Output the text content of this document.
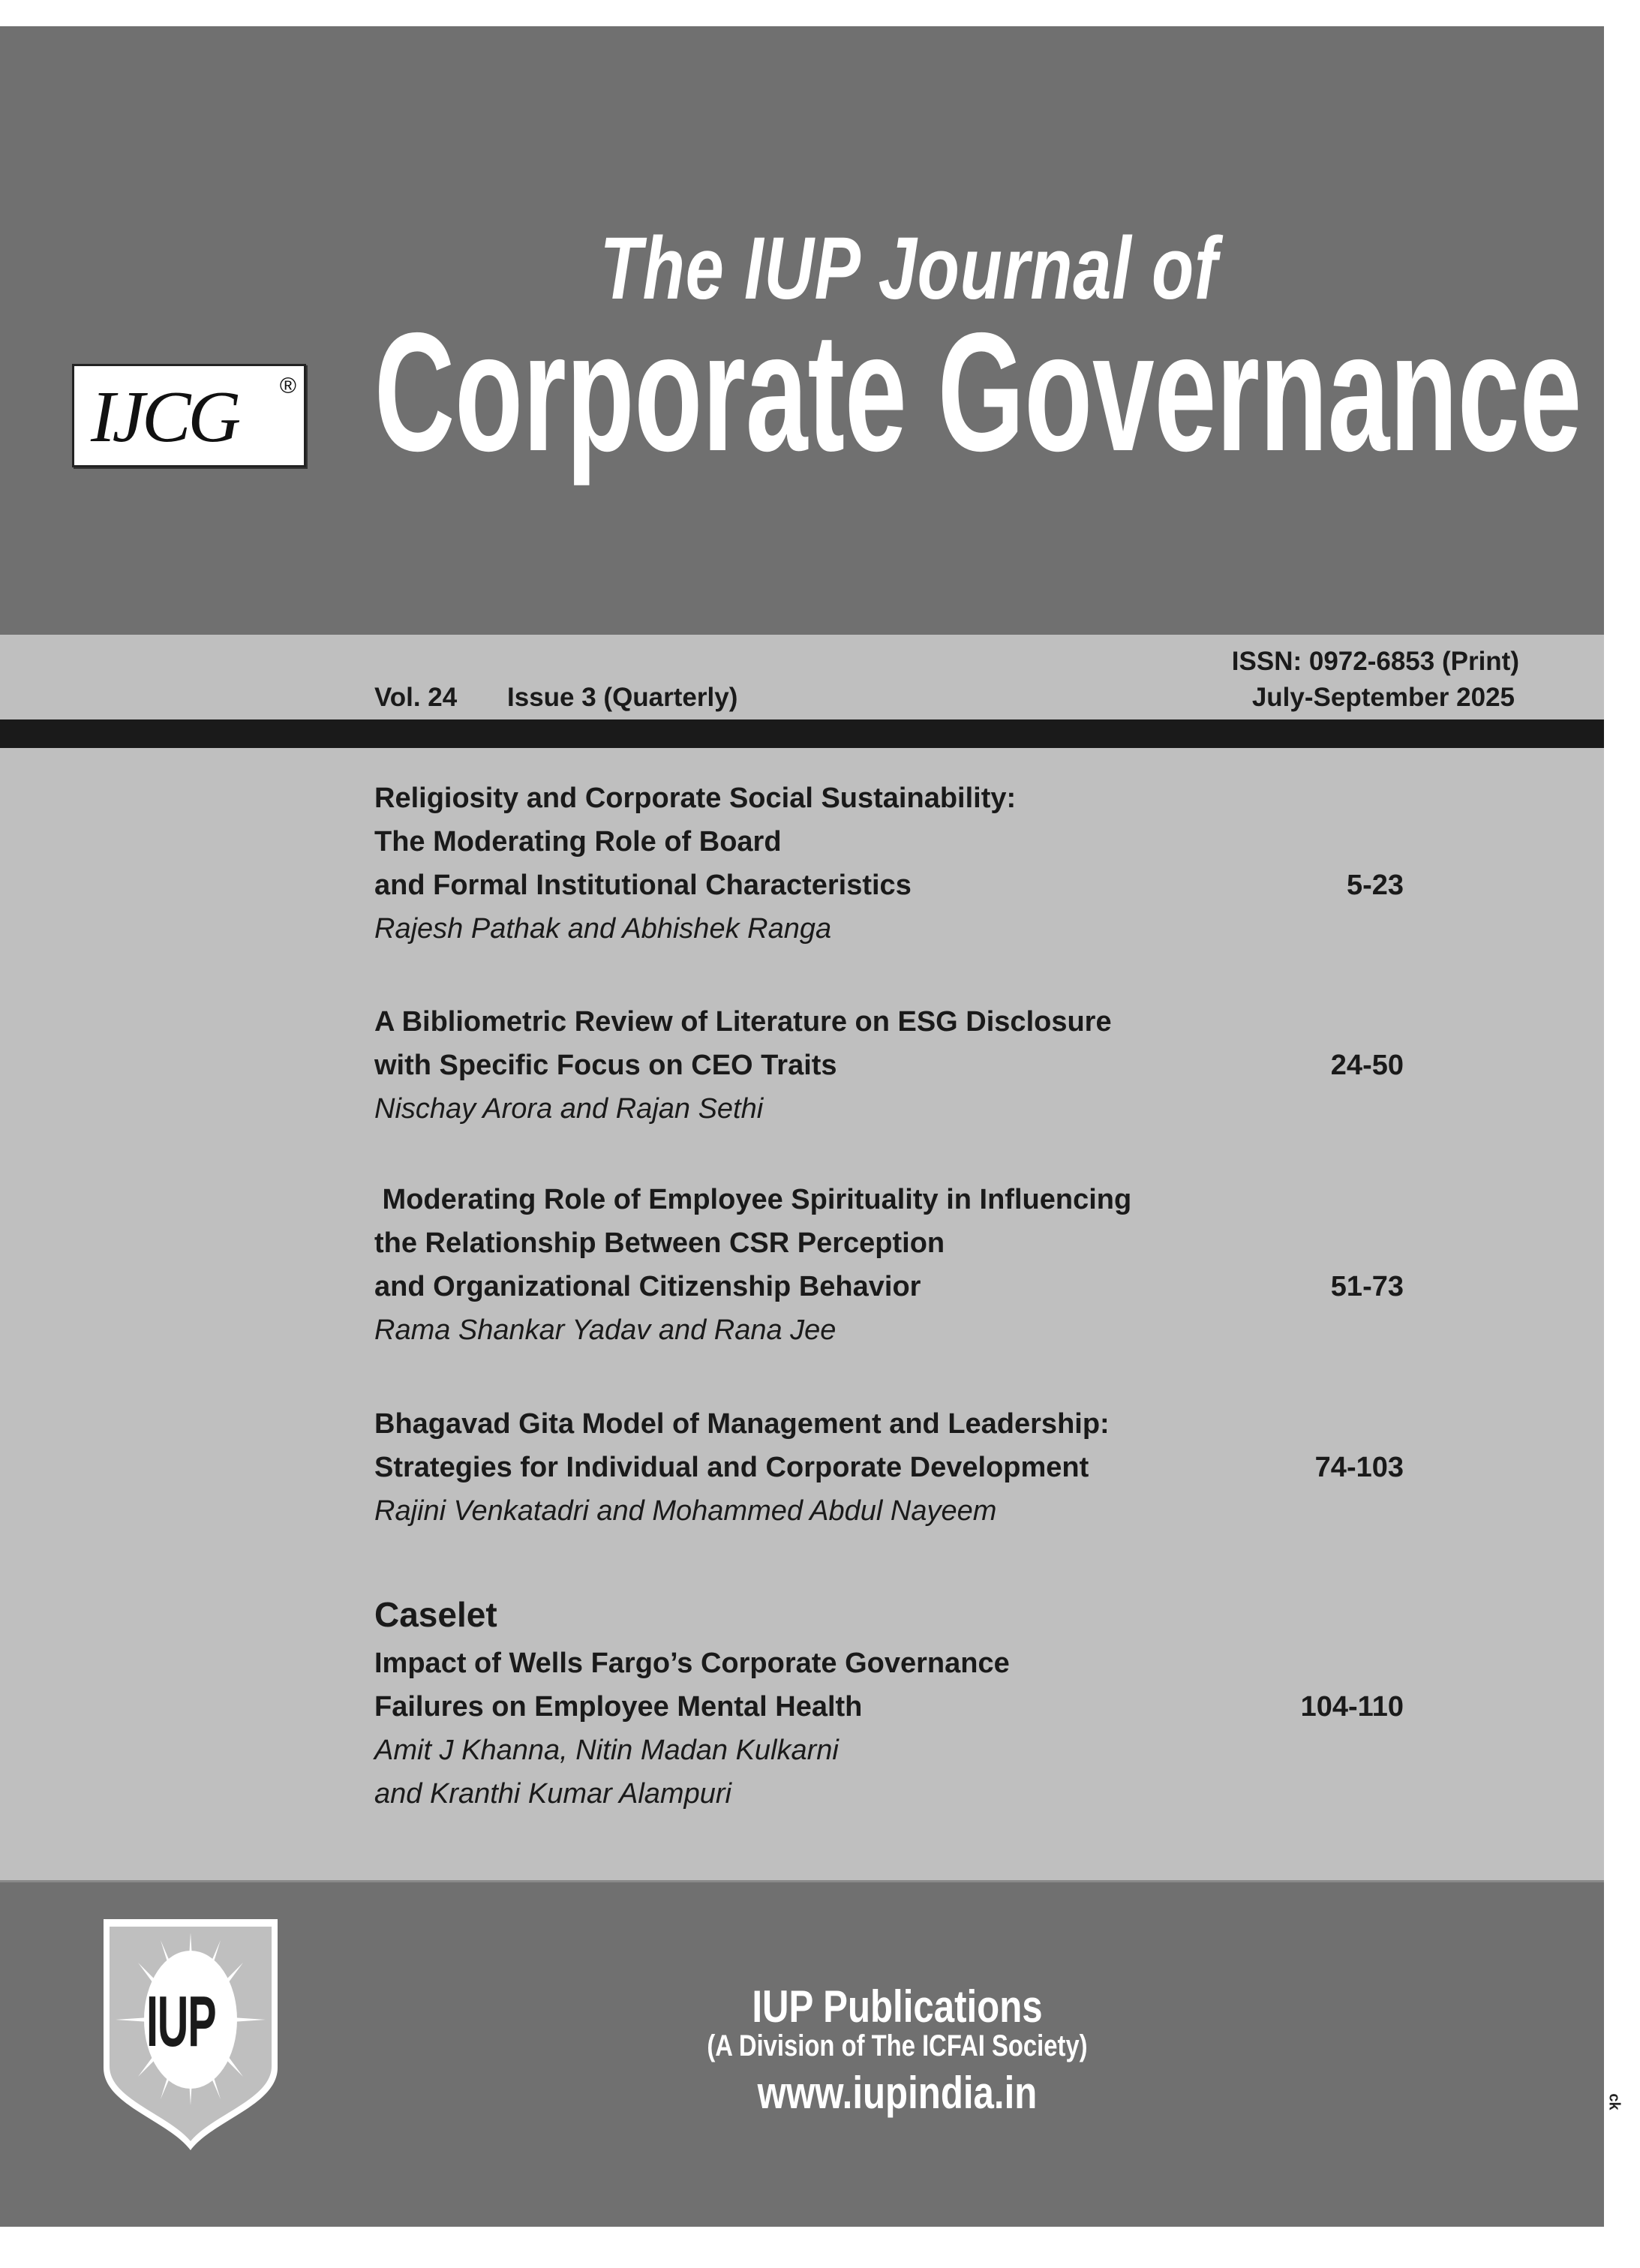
The IUP Journal of
Corporate Governance
IJCG ®
Vol. 24 Issue 3 (Quarterly)
ISSN: 0972-6853 (Print)
July-September 2025
Religiosity and Corporate Social Sustainability:
The Moderating Role of Board
and Formal Institutional Characteristics
Rajesh Pathak and Abhishek Ranga
5-23
A Bibliometric Review of Literature on ESG Disclosure
with Specific Focus on CEO Traits
Nischay Arora and Rajan Sethi
24-50
Moderating Role of Employee Spirituality in Influencing
the Relationship Between CSR Perception
and Organizational Citizenship Behavior
Rama Shankar Yadav and Rana Jee
51-73
Bhagavad Gita Model of Management and Leadership:
Strategies for Individual and Corporate Development
Rajini Venkatadri and Mohammed Abdul Nayeem
74-103
Caselet
Impact of Wells Fargo’s Corporate Governance
Failures on Employee Mental Health
Amit J Khanna, Nitin Madan Kulkarni
and Kranthi Kumar Alampuri
104-110
IUP	IUP Publications
(A Division of The ICFAI Society)
www.iupindia.in	ck
